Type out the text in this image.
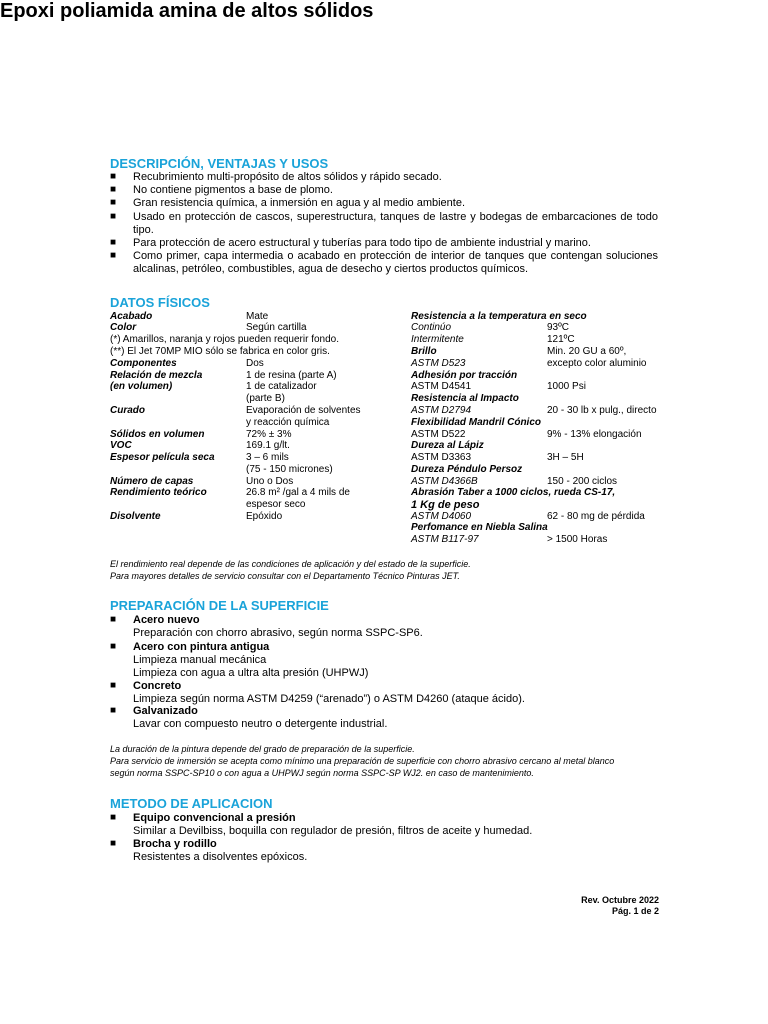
Epoxi poliamida amina de altos sólidos
DESCRIPCIÓN, VENTAJAS Y USOS
■ Recubrimiento multi-propósito de altos sólidos y rápido secado.
■ No contiene pigmentos a base de plomo.
■ Gran resistencia química, a inmersión en agua y al medio ambiente.
■ Usado en protección de cascos, superestructura, tanques de lastre y bodegas de embarcaciones de todo tipo.
■ Para protección de acero estructural y tuberías para todo tipo de ambiente industrial y marino.
■ Como primer, capa intermedia o acabado en protección de interior de tanques que contengan soluciones alcalinas, petróleo, combustibles, agua de desecho y ciertos productos químicos.
DATOS FÍSICOS
Acabado	Mate
Color	Según cartilla
(*) Amarillos, naranja y rojos pueden requerir fondo.
(**) El Jet 70MP MIO sólo se fabrica en color gris.
Componentes	Dos
Relación de mezcla	1 de resina (parte A)
(en volumen)	1 de catalizador
(parte B)
Curado	Evaporación de solventes
y reacción química
Sólidos en volumen	72% ± 3%
VOC	169.1 g/lt.
Espesor película seca	3 – 6 mils
(75 - 150 micrones)
Número de capas	Uno o Dos
Rendimiento teórico	26.8 m² /gal a 4 mils de
espesor seco
Disolvente	Epóxido
Resistencia a la temperatura en seco
Continúo	93ºC
Intermitente	121ºC
Brillo	Min. 20 GU a 60º,
ASTM D523	excepto color aluminio
Adhesión por tracción
ASTM D4541	1000 Psi
Resistencia al Impacto
ASTM D2794	20 - 30 lb x pulg., directo
Flexibilidad Mandril Cónico
ASTM D522	9% - 13% elongación
Dureza al Lápiz
ASTM D3363	3H – 5H
Dureza Péndulo Persoz
ASTM D4366B	150 - 200 ciclos
Abrasión Taber a 1000 ciclos, rueda CS-17,
1 Kg de peso
ASTM D4060	62 - 80 mg de pérdida
Perfomance en Niebla Salina
ASTM B117-97	> 1500 Horas
El rendimiento real depende de las condiciones de aplicación y del estado de la superficie.
Para mayores detalles de servicio consultar con el Departamento Técnico Pinturas JET.
PREPARACIÓN DE LA SUPERFICIE
■ Acero nuevo
Preparación con chorro abrasivo, según norma SSPC-SP6.
■ Acero con pintura antigua
Limpieza manual mecánica
Limpieza con agua a ultra alta presión (UHPWJ)
■ Concreto
Limpieza según norma ASTM D4259 (“arenado”) o ASTM D4260 (ataque ácido).
■ Galvanizado
Lavar con compuesto neutro o detergente industrial.
La duración de la pintura depende del grado de preparación de la superficie.
Para servicio de inmersión se acepta como mínimo una preparación de superficie con chorro abrasivo cercano al metal blanco
según norma SSPC-SP10 o con agua a UHPWJ según norma SSPC-SP WJ2. en caso de mantenimiento.
METODO DE APLICACION
■ Equipo convencional a presión
Similar a Devilbiss, boquilla con regulador de presión, filtros de aceite y humedad.
■ Brocha y rodillo
Resistentes a disolventes epóxicos.
Rev. Octubre 2022
Pág. 1 de 2
